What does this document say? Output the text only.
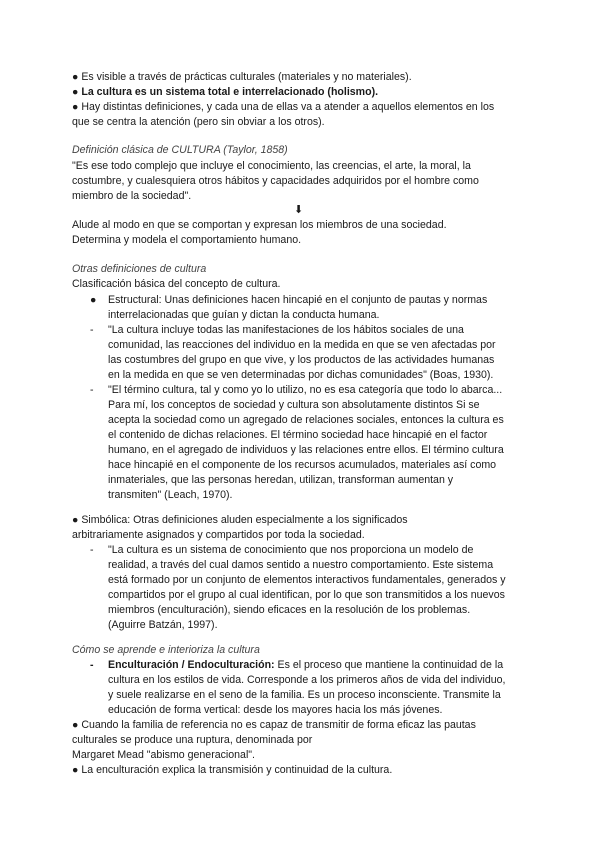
● Es visible a través de prácticas culturales (materiales y no materiales).
● La cultura es un sistema total e interrelacionado (holismo).
● Hay distintas definiciones, y cada una de ellas va a atender a aquellos elementos en los
que se centra la atención (pero sin obviar a los otros).
Definición clásica de CULTURA (Taylor, 1858)
"Es ese todo complejo que incluye el conocimiento, las creencias, el arte, la moral, la
costumbre, y cualesquiera otros hábitos y capacidades adquiridos por el hombre como
miembro de la sociedad".
⬇
Alude al modo en que se comportan y expresan los miembros de una sociedad.
Determina y modela el comportamiento humano.
Otras definiciones de cultura
Clasificación básica del concepto de cultura.
● Estructural: Unas definiciones hacen hincapié en el conjunto de pautas y normas
interrelacionadas que guían y dictan la conducta humana.
- "La cultura incluye todas las manifestaciones de los hábitos sociales de una
comunidad, las reacciones del individuo en la medida en que se ven afectadas por
las costumbres del grupo en que vive, y los productos de las actividades humanas
en la medida en que se ven determinadas por dichas comunidades" (Boas, 1930).
- "El término cultura, tal y como yo lo utilizo, no es esa categoría que todo lo abarca...
Para mí, los conceptos de sociedad y cultura son absolutamente distintos Si se
acepta la sociedad como un agregado de relaciones sociales, entonces la cultura es
el contenido de dichas relaciones. El término sociedad hace hincapié en el factor
humano, en el agregado de individuos y las relaciones entre ellos. El término cultura
hace hincapié en el componente de los recursos acumulados, materiales así como
inmateriales, que las personas heredan, utilizan, transforman aumentan y
transmiten" (Leach, 1970).
● Simbólica: Otras definiciones aluden especialmente a los significados
arbitrariamente asignados y compartidos por toda la sociedad.
- "La cultura es un sistema de conocimiento que nos proporciona un modelo de
realidad, a través del cual damos sentido a nuestro comportamiento. Este sistema
está formado por un conjunto de elementos interactivos fundamentales, generados y
compartidos por el grupo al cual identifican, por lo que son transmitidos a los nuevos
miembros (enculturación), siendo eficaces en la resolución de los problemas.
(Aguirre Batzán, 1997).
Cómo se aprende e interioriza la cultura
- Enculturación / Endoculturación: Es el proceso que mantiene la continuidad de la
cultura en los estilos de vida. Corresponde a los primeros años de vida del individuo,
y suele realizarse en el seno de la familia. Es un proceso inconsciente. Transmite la
educación de forma vertical: desde los mayores hacia los más jóvenes.
● Cuando la familia de referencia no es capaz de transmitir de forma eficaz las pautas
culturales se produce una ruptura, denominada por
Margaret Mead "abismo generacional".
● La enculturación explica la transmisión y continuidad de la cultura.
